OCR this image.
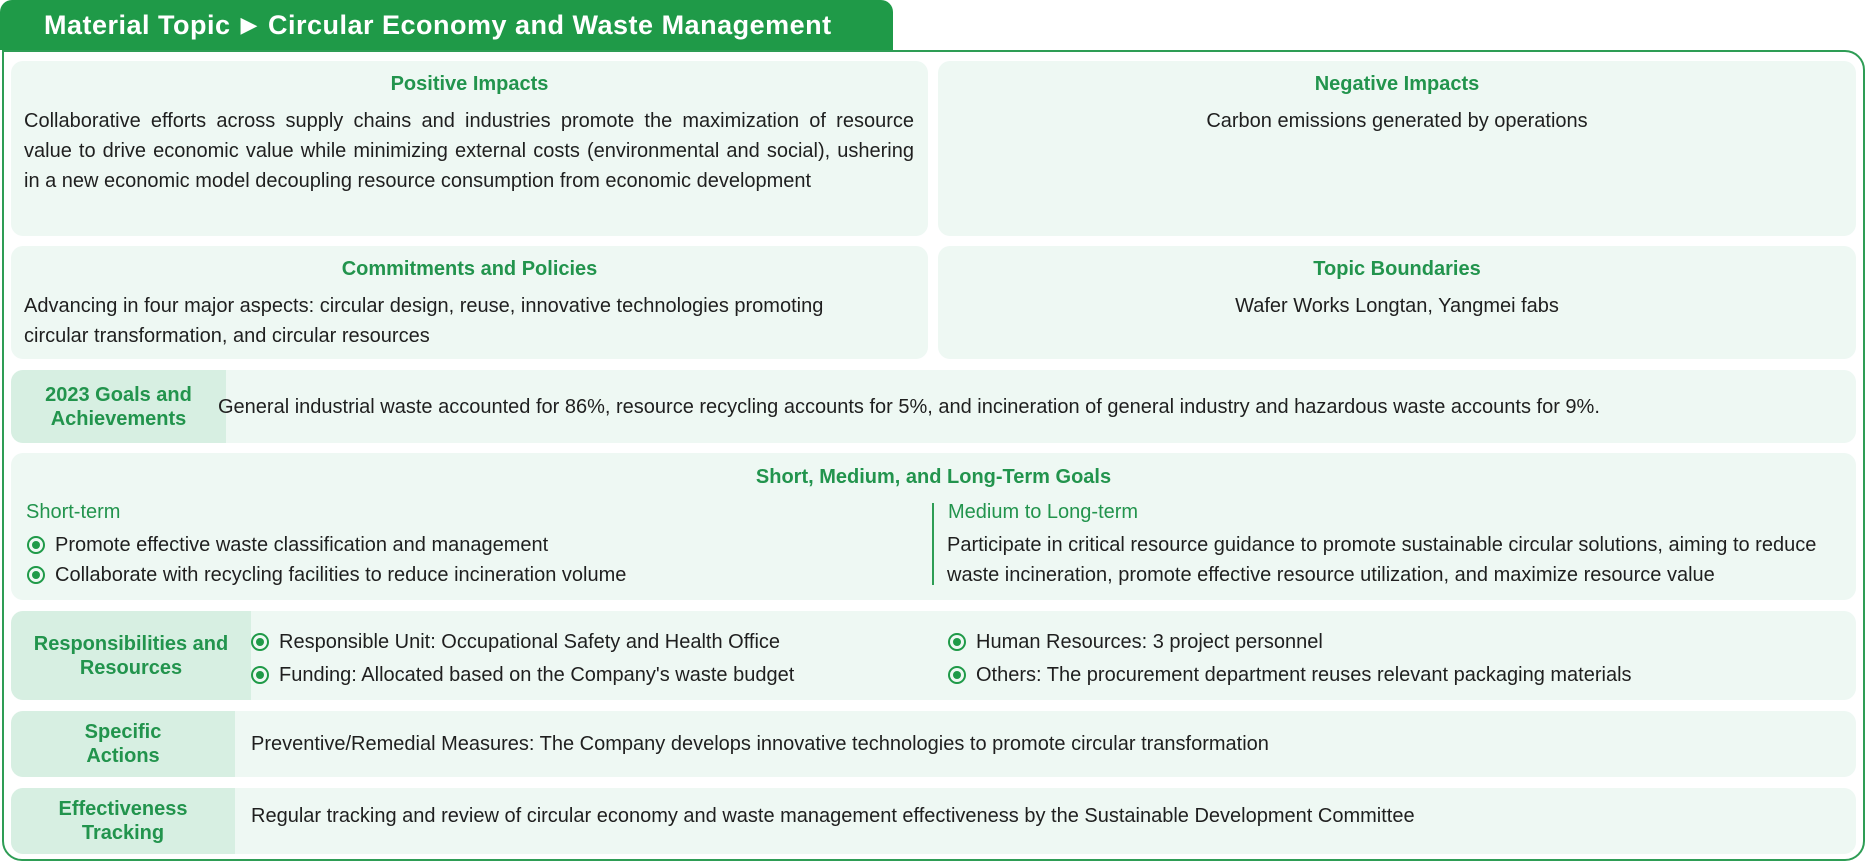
Material Topic ▶ Circular Economy and Waste Management
Positive Impacts
Collaborative efforts across supply chains and industries promote the maximization of resource value to drive economic value while minimizing external costs (environmental and social), ushering in a new economic model decoupling resource consumption from economic development
Negative Impacts
Carbon emissions generated by operations
Commitments and Policies
Advancing in four major aspects: circular design, reuse, innovative technologies promoting circular transformation, and circular resources
Topic Boundaries
Wafer Works Longtan, Yangmei fabs
2023 Goals and Achievements
General industrial waste accounted for 86%, resource recycling accounts for 5%, and incineration of general industry and hazardous waste accounts for 9%.
Short, Medium, and Long-Term Goals
Short-term
Promote effective waste classification and management
Collaborate with recycling facilities to reduce incineration volume
Medium to Long-term
Participate in critical resource guidance to promote sustainable circular solutions, aiming to reduce waste incineration, promote effective resource utilization, and maximize resource value
Responsibilities and Resources
Responsible Unit: Occupational Safety and Health Office
Funding: Allocated based on the Company's waste budget
Human Resources: 3 project personnel
Others: The procurement department reuses relevant packaging materials
Specific Actions
Preventive/Remedial Measures: The Company develops innovative technologies to promote circular transformation
Effectiveness Tracking
Regular tracking and review of circular economy and waste management effectiveness by the Sustainable Development Committee
